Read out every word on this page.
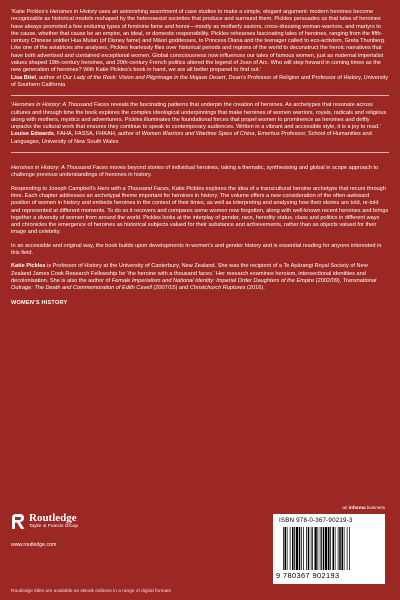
‘Katie Pickles’s Heroines in History uses an astonishing assortment of case studies to make a simple, elegant argument: modern heroines become recognizable as historical models reshaped by the heterosexist societies that produce and surround them. Pickles persuades us that tales of heroines have always promoted a few enduring types of feminine fame and honor—mostly as motherly saviors, cross-dressing woman-warriors, and martyrs to the cause, whether that cause be an empire, an ideal, or domestic responsibility. Pickles rehearses fascinating tales of heroines, ranging from the fifth-century Chinese soldier Hua Mulan (of Disney fame) and Māori goddesses, to Princess Diana and the teenager called to eco-activism, Greta Thunberg. Like one of the aviatrices she analyses, Pickles fearlessly flies over historical periods and regions of the world to deconstruct the heroic narratives that have both advertised and contained exceptional women. Global consciousness now influences our tales of famous women, just as maternal imperialist values shaped 19th-century heroines, and 20th-century French politics altered the legend of Joan of Arc. Who will step forward in coming times as the new generation of heroines? With Katie Pickles’s book in hand, we are all better prepared to find out.’

Lisa Bitel, author of Our Lady of the Rock: Vision and Pilgrimage in the Mojave Desert, Dean’s Professor of Religion and Professor of History, University of Southern California

‘Heroines in History: A Thousand Faces reveals the fascinating patterns that underpin the creation of heroines. As archetypes that resonate across cultures and through time the book explores the complex ideological underpinnings that make heroines of women warriors, royals, radicals and religious along with mothers, mystics and adventurers. Pickles illuminates the foundational forces that propel women to prominence as heroines and deftly unpacks the cultural work that ensures they continue to speak to contemporary audiences. Written in a vibrant and accessible style, it is a joy to read.’

Louise Edwards, FAHA, FASSA, FHKAH, author of Women Warriors and Wartime Spies of China, Emeritus Professor, School of Humanities and Languages, University of New South Wales

Heroines in History: A Thousand Faces moves beyond stories of individual heroines, taking a thematic, synthesising and global in scope approach to challenge previous understandings of heroines in history.

Responding to Joseph Campbell’s Hero with a Thousand Faces, Katie Pickles explores the idea of a transcultural heroine archetype that recurs through time. Each chapter addresses an archetypal theme important for heroines in history. The volume offers a new consideration of the often-awkward position of women in history and embeds heroines in the context of their times, as well as interpreting and analysing how their stories are told, re-told and represented at different moments. To do so it recovers and compares some women now forgotten, along with well-known recent heroines and brings together a diversity of women from around the world. Pickles looks at the interplay of gender, race, heredity status, class and politics in different ways and chronicles the emergence of heroines as historical subjects valued for their substance and achievements, rather than as objects valued for their image and celebrity.

In an accessible and original way, the book builds upon developments in women’s and gender history and is essential reading for anyone interested in this field.

Katie Pickles is Professor of History at the University of Canterbury, New Zealand. She was the recipient of a Te Apārangi Royal Society of New Zealand James Cook Research Fellowship for ‘the heroine with a thousand faces.’ Her research examines heroism, intersectional identities and decolonisation. She is also the author of Female Imperialism and National Identity: Imperial Order Daughters of the Empire (2002/09), Transnational Outrage: The Death and Commemoration of Edith Cavell (2007/15) and Christchurch Ruptures (2016).

WOMEN’S HISTORY
an informa business
Routledge
Taylor & Francis Group
www.routledge.com
ISBN 978-0-367-90219-3
9 780367 902193
Routledge titles are available as eBook editions in a range of digital formats
